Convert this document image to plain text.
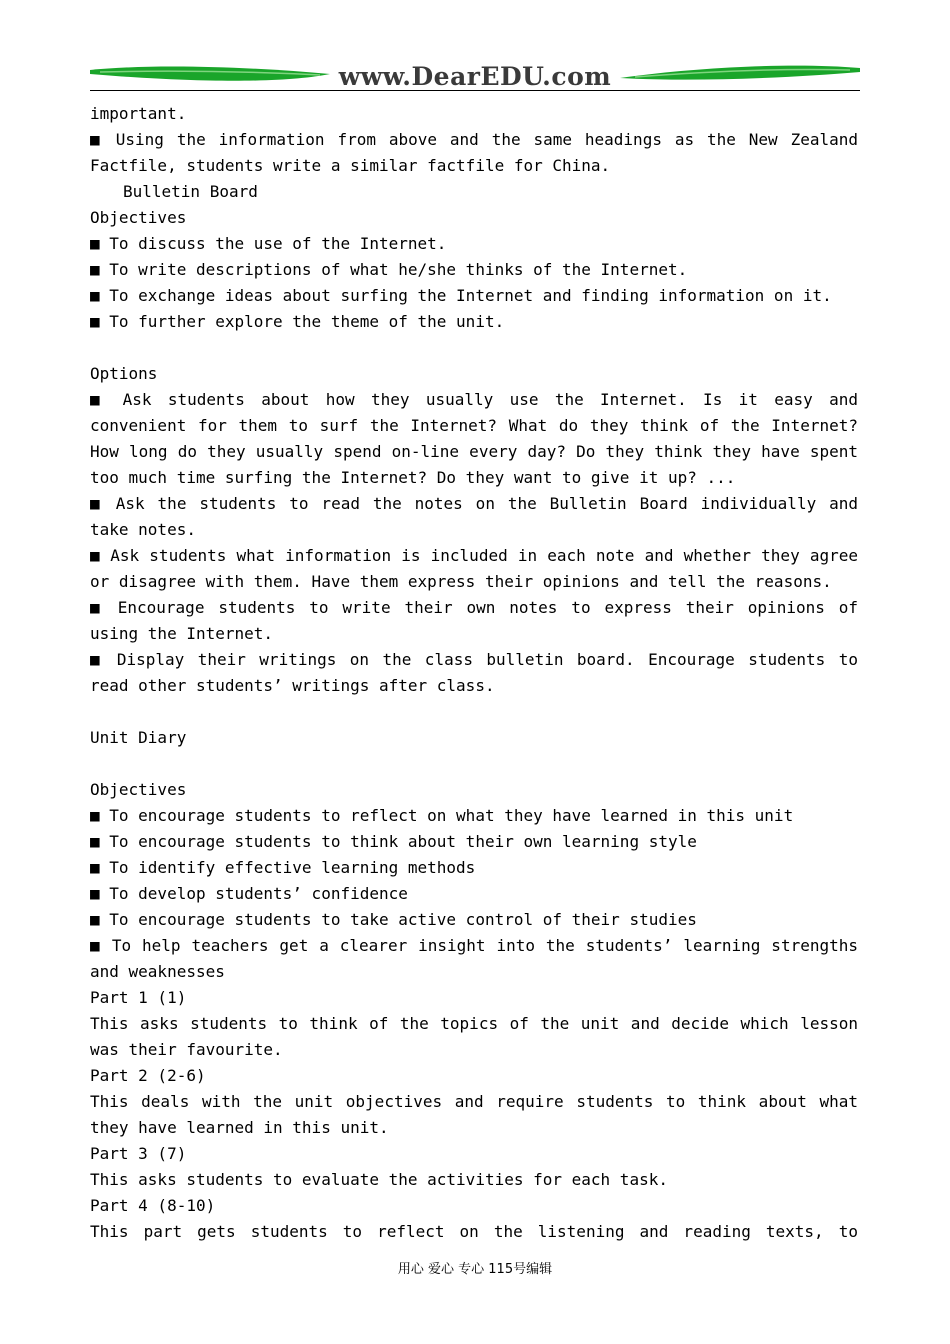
www.DearEDU.com
important.
■ Using the information from above and the same headings as the New Zealand
Factfile, students write a similar factfile for China.
Bulletin Board
Objectives
■ To discuss the use of the Internet.
■ To write descriptions of what he/she thinks of the Internet.
■ To exchange ideas about surfing the Internet and finding information on it.
■ To further explore the theme of the unit.
Options
■ Ask students about how they usually use the Internet. Is it easy and
convenient for them to surf the Internet? What do they think of the Internet?
How long do they usually spend on-line every day? Do they think they have spent
too much time surfing the Internet? Do they want to give it up? ...
■ Ask the students to read the notes on the Bulletin Board individually and
take notes.
■ Ask students what information is included in each note and whether they agree
or disagree with them. Have them express their opinions and tell the reasons.
■ Encourage students to write their own notes to express their opinions of
using the Internet.
■ Display their writings on the class bulletin board. Encourage students to
read other students’ writings after class.
Unit Diary
Objectives
■ To encourage students to reflect on what they have learned in this unit
■ To encourage students to think about their own learning style
■ To identify effective learning methods
■ To develop students’ confidence
■ To encourage students to take active control of their studies
■ To help teachers get a clearer insight into the students’ learning strengths
and weaknesses
Part 1 (1)
This asks students to think of the topics of the unit and decide which lesson
was their favourite.
Part 2 (2-6)
This deals with the unit objectives and require students to think about what
they have learned in this unit.
Part 3 (7)
This asks students to evaluate the activities for each task.
Part 4 (8-10)
This part gets students to reflect on the listening and reading texts, to
用心 爱心 专心 115号编辑
